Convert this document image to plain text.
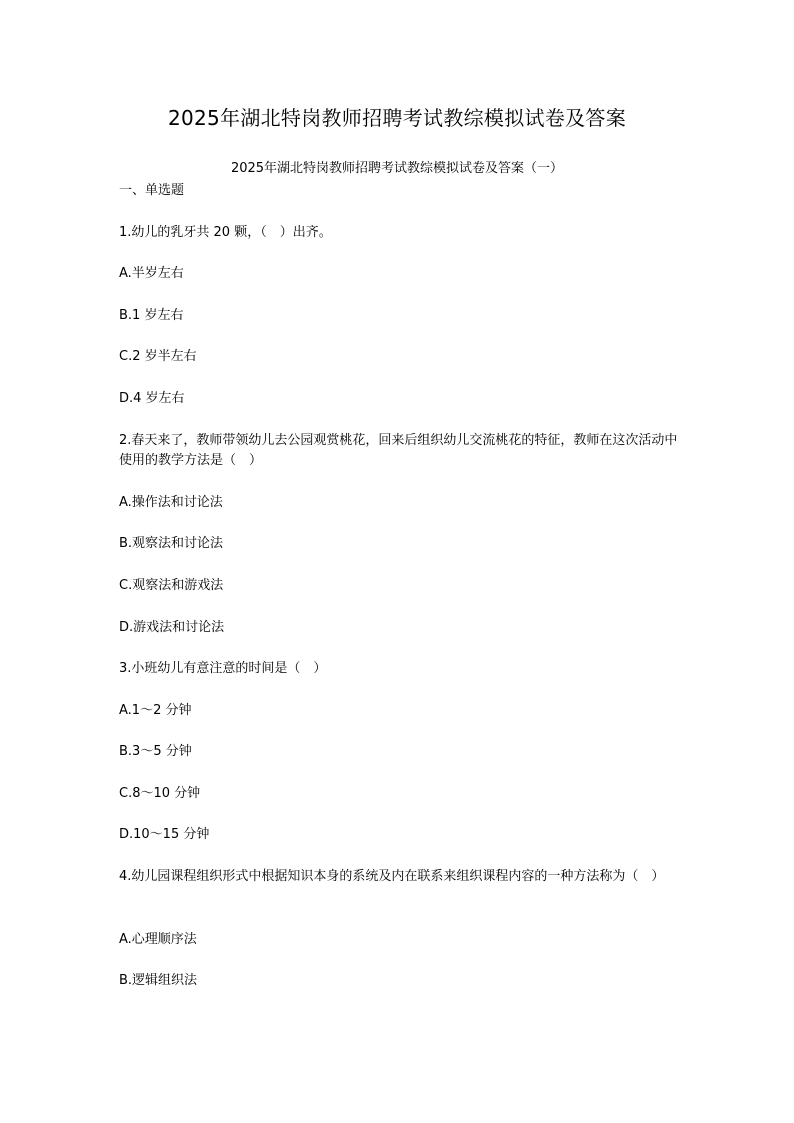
2025年湖北特岗教师招聘考试教综模拟试卷及答案
2025年湖北特岗教师招聘考试教综模拟试卷及答案（一）
一、单选题
1.幼儿的乳牙共 20 颗，（　）出齐。
A.半岁左右
B.1 岁左右
C.2 岁半左右
D.4 岁左右
2.春天来了，教师带领幼儿去公园观赏桃花，回来后组织幼儿交流桃花的特征，教师在这次活动中使用的教学方法是（　）
A.操作法和讨论法
B.观察法和讨论法
C.观察法和游戏法
D.游戏法和讨论法
3.小班幼儿有意注意的时间是（　）
A.1～2 分钟
B.3～5 分钟
C.8～10 分钟
D.10～15 分钟
4.幼儿园课程组织形式中根据知识本身的系统及内在联系来组织课程内容的一种方法称为（　）
A.心理顺序法
B.逻辑组织法
